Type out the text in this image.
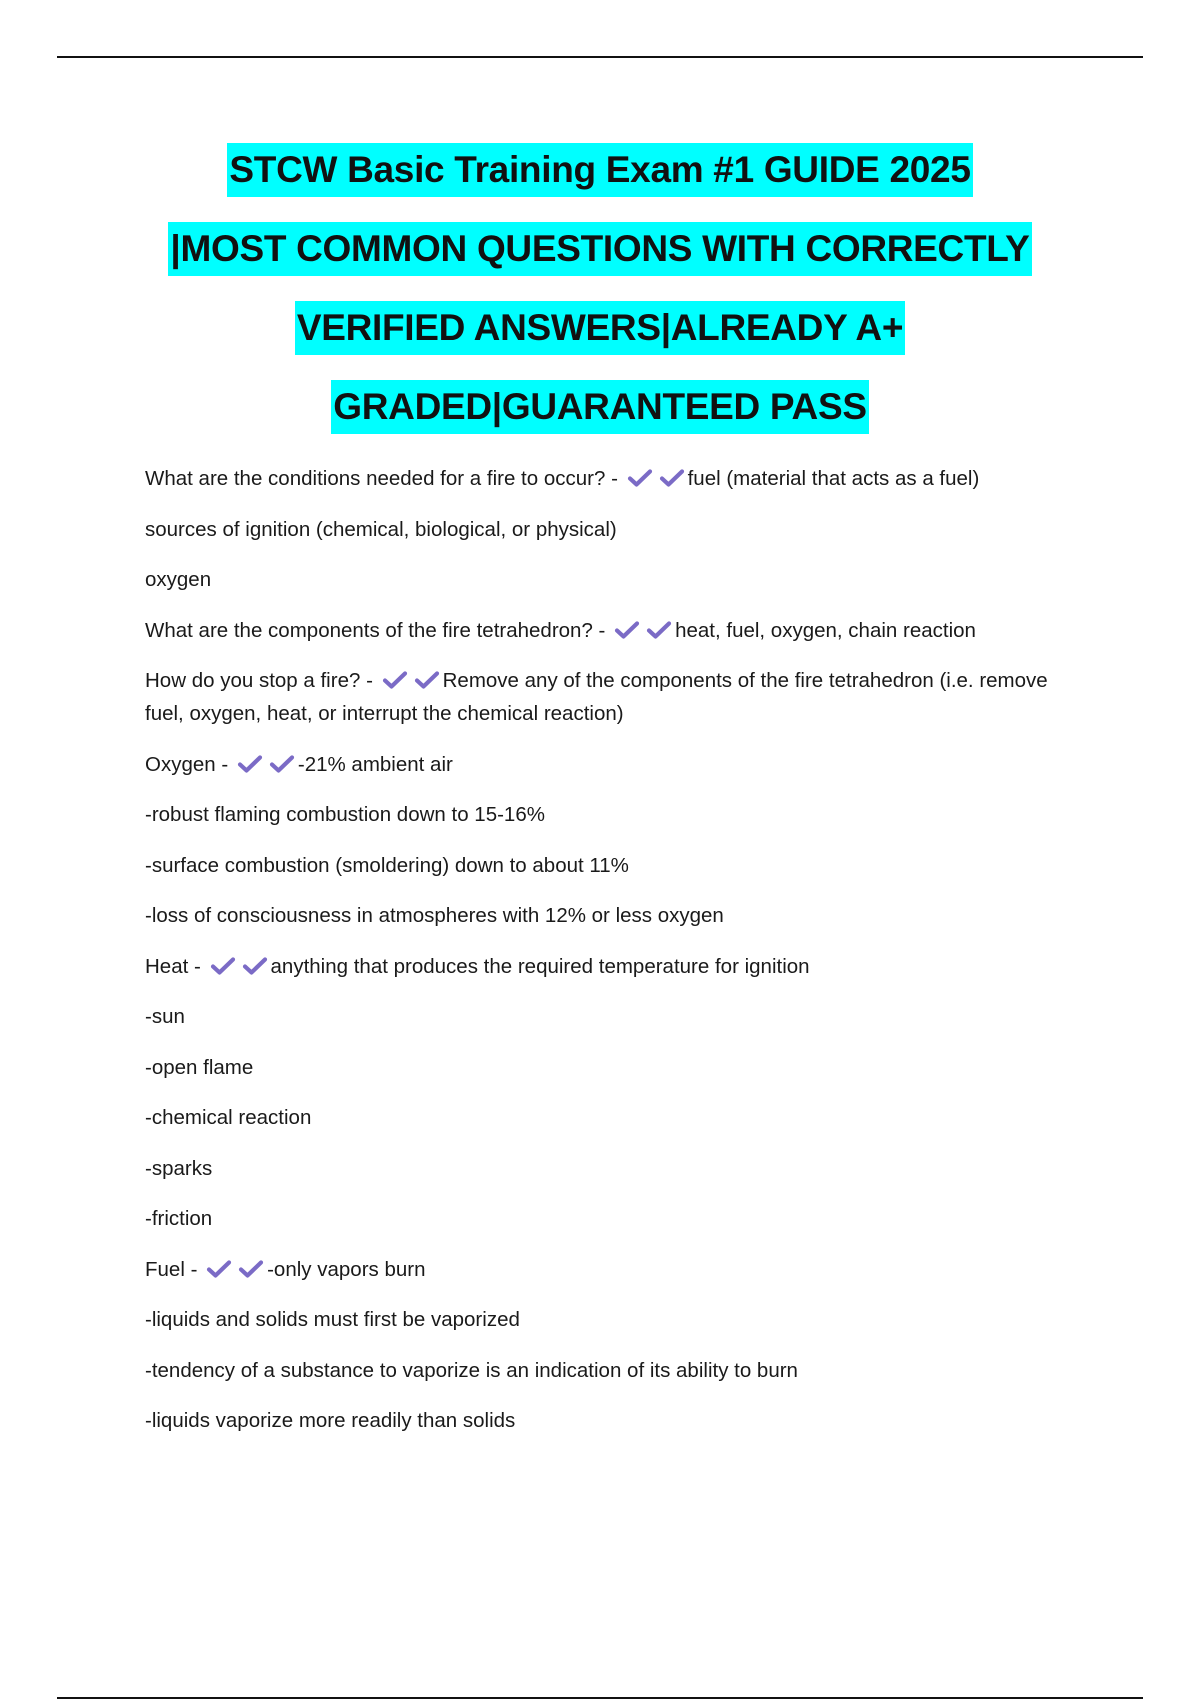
STCW Basic Training Exam #1 GUIDE 2025
|MOST COMMON QUESTIONS WITH CORRECTLY
VERIFIED ANSWERS|ALREADY A+
GRADED|GUARANTEED PASS

What are the conditions needed for a fire to occur? -	fuel (material that acts as a fuel)

sources of ignition (chemical, biological, or physical)

oxygen

What are the components of the fire tetrahedron? -	heat, fuel, oxygen, chain reaction

How do you stop a fire? -	Remove any of the components of the fire tetrahedron (i.e. remove fuel, oxygen, heat, or interrupt the chemical reaction)

Oxygen -	-21% ambient air

-robust flaming combustion down to 15-16%

-surface combustion (smoldering) down to about 11%

-loss of consciousness in atmospheres with 12% or less oxygen

Heat -	anything that produces the required temperature for ignition

-sun

-open flame

-chemical reaction

-sparks

-friction

Fuel -	-only vapors burn

-liquids and solids must first be vaporized

-tendency of a substance to vaporize is an indication of its ability to burn

-liquids vaporize more readily than solids
